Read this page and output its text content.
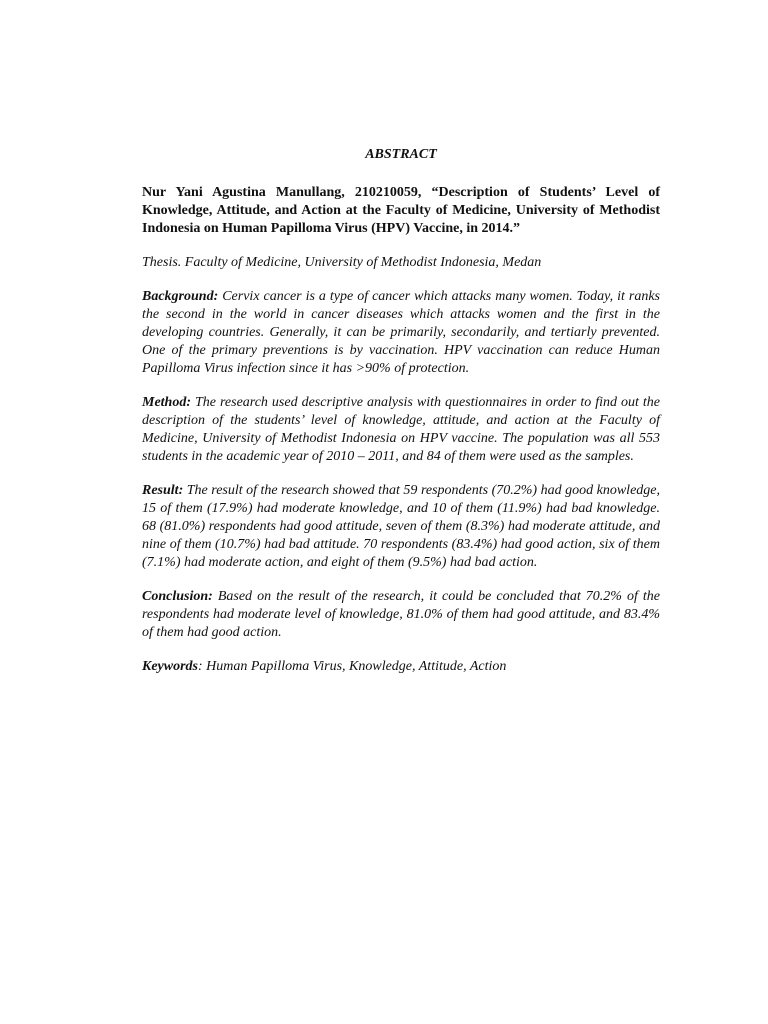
ABSTRACT
Nur Yani Agustina Manullang, 210210059, “Description of Students’ Level of Knowledge, Attitude, and Action at the Faculty of Medicine, University of Methodist Indonesia on Human Papilloma Virus (HPV) Vaccine, in 2014.”
Thesis. Faculty of Medicine, University of Methodist Indonesia, Medan
Background: Cervix cancer is a type of cancer which attacks many women. Today, it ranks the second in the world in cancer diseases which attacks women and the first in the developing countries. Generally, it can be primarily, secondarily, and tertiarly prevented. One of the primary preventions is by vaccination. HPV vaccination can reduce Human Papilloma Virus infection since it has >90% of protection.
Method: The research used descriptive analysis with questionnaires in order to find out the description of the students’ level of knowledge, attitude, and action at the Faculty of Medicine, University of Methodist Indonesia on HPV vaccine. The population was all 553 students in the academic year of 2010 – 2011, and 84 of them were used as the samples.
Result: The result of the research showed that 59 respondents (70.2%) had good knowledge, 15 of them (17.9%) had moderate knowledge, and 10 of them (11.9%) had bad knowledge. 68 (81.0%) respondents had good attitude, seven of them (8.3%) had moderate attitude, and nine of them (10.7%) had bad attitude. 70 respondents (83.4%) had good action, six of them (7.1%) had moderate action, and eight of them (9.5%) had bad action.
Conclusion: Based on the result of the research, it could be concluded that 70.2% of the respondents had moderate level of knowledge, 81.0% of them had good attitude, and 83.4% of them had good action.
Keywords: Human Papilloma Virus, Knowledge, Attitude, Action
